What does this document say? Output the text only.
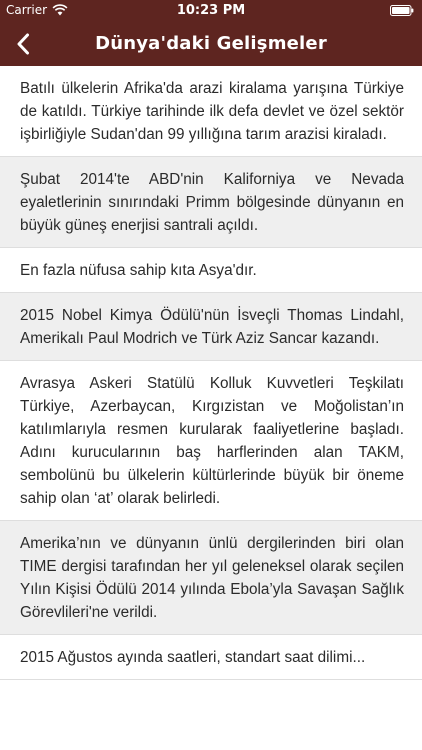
Carrier	10:23 PM
Dünya'daki Gelişmeler
Batılı ülkelerin Afrika'da arazi kiralama yarışına Türkiye de katıldı. Türkiye tarihinde ilk defa devlet ve özel sektör işbirliğiyle Sudan'dan 99 yıllığına tarım arazisi kiraladı.
Şubat 2014'te ABD'nin Kaliforniya ve Nevada eyaletlerinin sınırındaki Primm bölgesinde dünyanın en büyük güneş enerjisi santrali açıldı.
En fazla nüfusa sahip kıta Asya'dır.
2015 Nobel Kimya Ödülü'nün İsveçli Thomas Lindahl, Amerikalı Paul Modrich ve Türk Aziz Sancar kazandı.
Avrasya Askeri Statülü Kolluk Kuvvetleri Teşkilatı Türkiye, Azerbaycan, Kırgızistan ve Moğolistan’ın katılımlarıyla resmen kurularak faaliyetlerine başladı. Adını kurucularının baş harflerinden alan TAKM, sembolünü bu ülkelerin kültürlerinde büyük bir öneme sahip olan ‘at’ olarak belirledi.
Amerika’nın ve dünyanın ünlü dergilerinden biri olan TIME dergisi tarafından her yıl geleneksel olarak seçilen Yılın Kişisi Ödülü 2014 yılında Ebola’yla Savaşan Sağlık Görevlileri'ne verildi.
2015 Ağustos ayında saatleri, standart saat dilimi...
